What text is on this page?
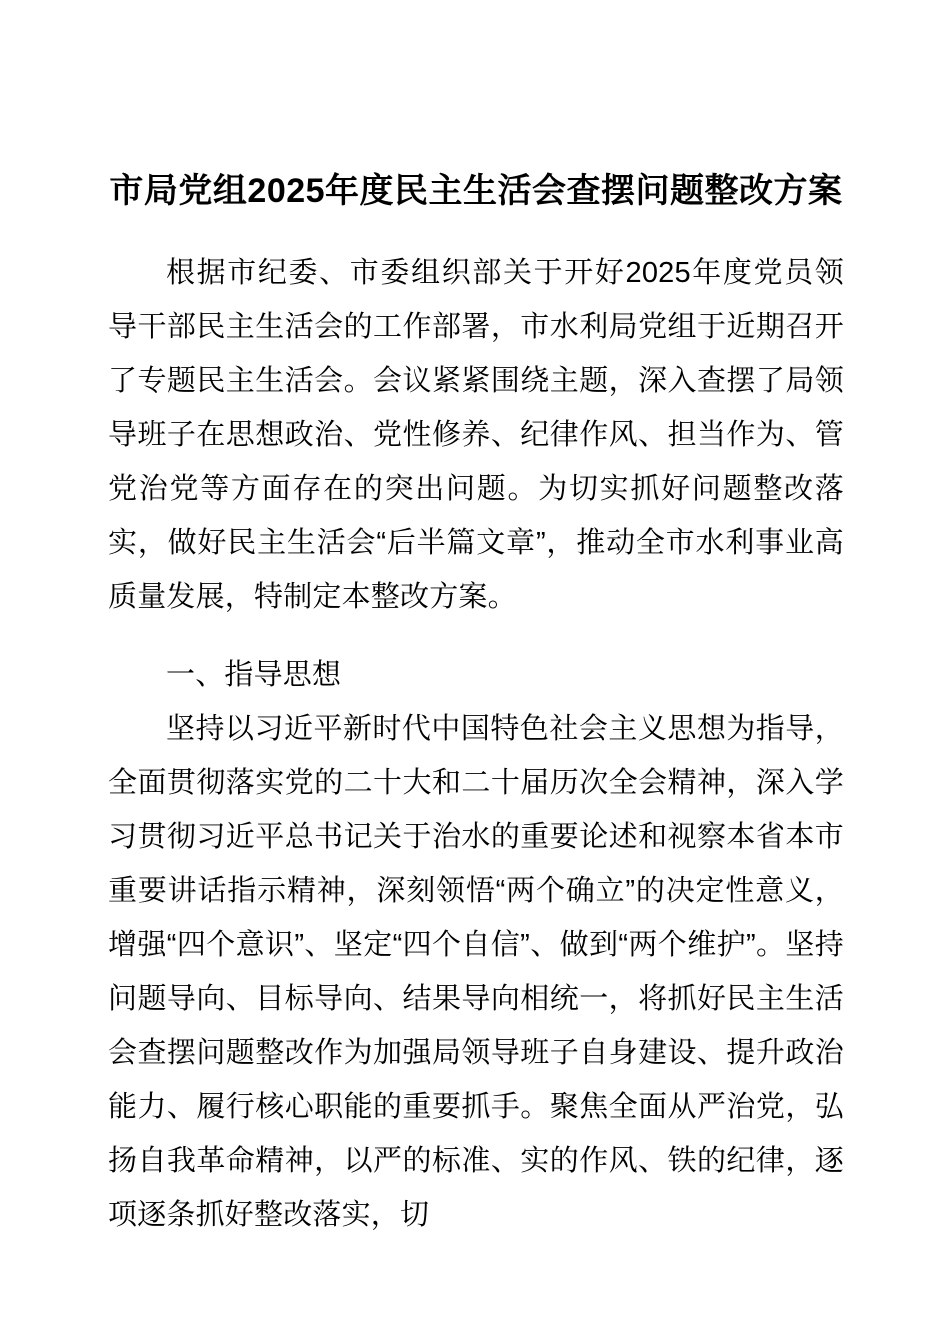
市局党组2025年度民主生活会查摆问题整改方案

根据市纪委、市委组织部关于开好2025年度党员领导干部民主生活会的工作部署，市水利局党组于近期召开了专题民主生活会。会议紧紧围绕主题，深入查摆了局领导班子在思想政治、党性修养、纪律作风、担当作为、管党治党等方面存在的突出问题。为切实抓好问题整改落实，做好民主生活会“后半篇文章”，推动全市水利事业高质量发展，特制定本整改方案。

一、指导思想

坚持以习近平新时代中国特色社会主义思想为指导，全面贯彻落实党的二十大和二十届历次全会精神，深入学习贯彻习近平总书记关于治水的重要论述和视察本省本市重要讲话指示精神，深刻领悟“两个确立”的决定性意义，增强“四个意识”、坚定“四个自信”、做到“两个维护”。坚持问题导向、目标导向、结果导向相统一，将抓好民主生活会查摆问题整改作为加强局领导班子自身建设、提升政治能力、履行核心职能的重要抓手。聚焦全面从严治党，弘扬自我革命精神，以严的标准、实的作风、铁的纪律，逐项逐条抓好整改落实，切
